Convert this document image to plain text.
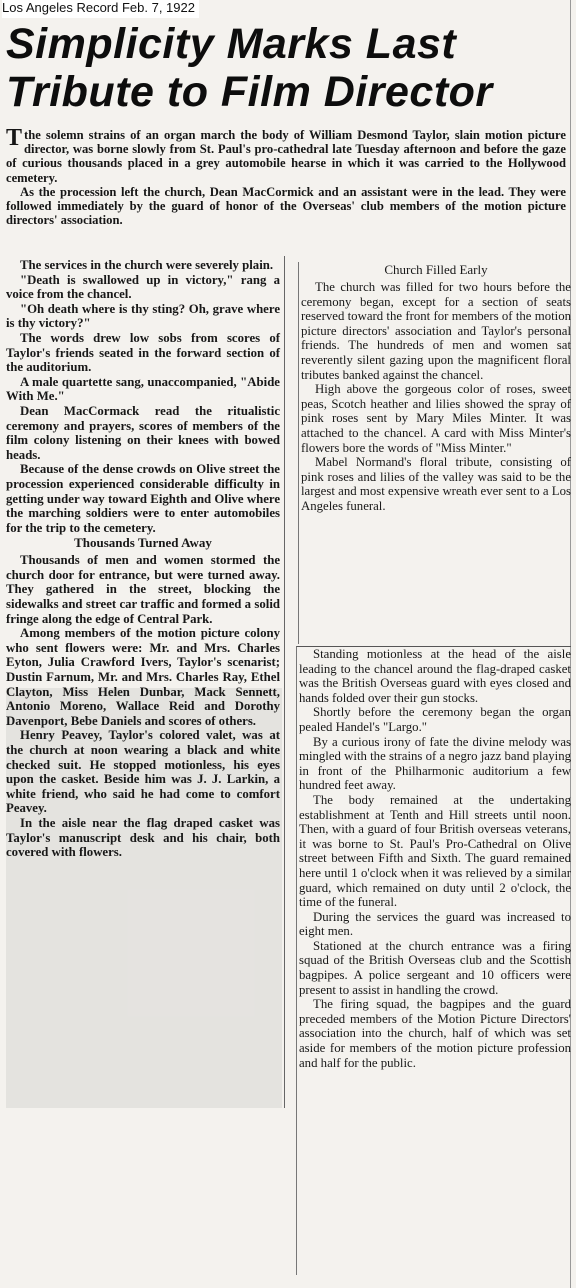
Los Angeles Record Feb. 7, 1922
Simplicity Marks Last Tribute to Film Director

Tthe solemn strains of an organ march the body of William Desmond Taylor, slain motion picture director, was borne slowly from St. Paul's pro-cathedral late Tuesday afternoon and before the gaze of curious thousands placed in a grey automobile hearse in which it was carried to the Hollywood cemetery.

As the procession left the church, Dean MacCormick and an assistant were in the lead. They were followed immediately by the guard of honor of the Overseas' club members of the motion picture directors' association.

The services in the church were severely plain.

"Death is swallowed up in victory," rang a voice from the chancel.

"Oh death where is thy sting? Oh, grave where is thy victory?"

The words drew low sobs from scores of Taylor's friends seated in the forward section of the auditorium.

A male quartette sang, unaccompanied, "Abide With Me."

Dean MacCormack read the ritualistic ceremony and prayers, scores of members of the film colony listening on their knees with bowed heads.

Because of the dense crowds on Olive street the procession experienced considerable difficulty in getting under way toward Eighth and Olive where the marching soldiers were to enter automobiles for the trip to the cemetery.

Thousands Turned Away

Thousands of men and women stormed the church door for entrance, but were turned away. They gathered in the street, blocking the sidewalks and street car traffic and formed a solid fringe along the edge of Central Park.

Among members of the motion picture colony who sent flowers were: Mr. and Mrs. Charles Eyton, Julia Crawford Ivers, Taylor's scenarist; Dustin Farnum, Mr. and Mrs. Charles Ray, Ethel Clayton, Miss Helen Dunbar, Mack Sennett, Antonio Moreno, Wallace Reid and Dorothy Davenport, Bebe Daniels and scores of others.

Henry Peavey, Taylor's colored valet, was at the church at noon wearing a black and white checked suit. He stopped motionless, his eyes upon the casket. Beside him was J. J. Larkin, a white friend, who said he had come to comfort Peavey.

In the aisle near the flag draped casket was Taylor's manuscript desk and his chair, both covered with flowers.

Church Filled Early

The church was filled for two hours before the ceremony began, except for a section of seats reserved toward the front for members of the motion picture directors' association and Taylor's personal friends. The hundreds of men and women sat reverently silent gazing upon the magnificent floral tributes banked against the chancel.

High above the gorgeous color of roses, sweet peas, Scotch heather and lilies showed the spray of pink roses sent by Mary Miles Minter. It was attached to the chancel. A card with Miss Minter's flowers bore the words of "Miss Minter."

Mabel Normand's floral tribute, consisting of pink roses and lilies of the valley was said to be the largest and most expensive wreath ever sent to a Los Angeles funeral.

Standing motionless at the head of the aisle leading to the chancel around the flag-draped casket was the British Overseas guard with eyes closed and hands folded over their gun stocks.

Shortly before the ceremony began the organ pealed Handel's "Largo."

By a curious irony of fate the divine melody was mingled with the strains of a negro jazz band playing in front of the Philharmonic auditorium a few hundred feet away.

The body remained at the undertaking establishment at Tenth and Hill streets until noon. Then, with a guard of four British overseas veterans, it was borne to St. Paul's Pro-Cathedral on Olive street between Fifth and Sixth. The guard remained here until 1 o'clock when it was relieved by a similar guard, which remained on duty until 2 o'clock, the time of the funeral.

During the services the guard was increased to eight men.

Stationed at the church entrance was a firing squad of the British Overseas club and the Scottish bagpipes. A police sergeant and 10 officers were present to assist in handling the crowd.

The firing squad, the bagpipes and the guard preceded members of the Motion Picture Directors' association into the church, half of which was set aside for members of the motion picture profession and half for the public.
